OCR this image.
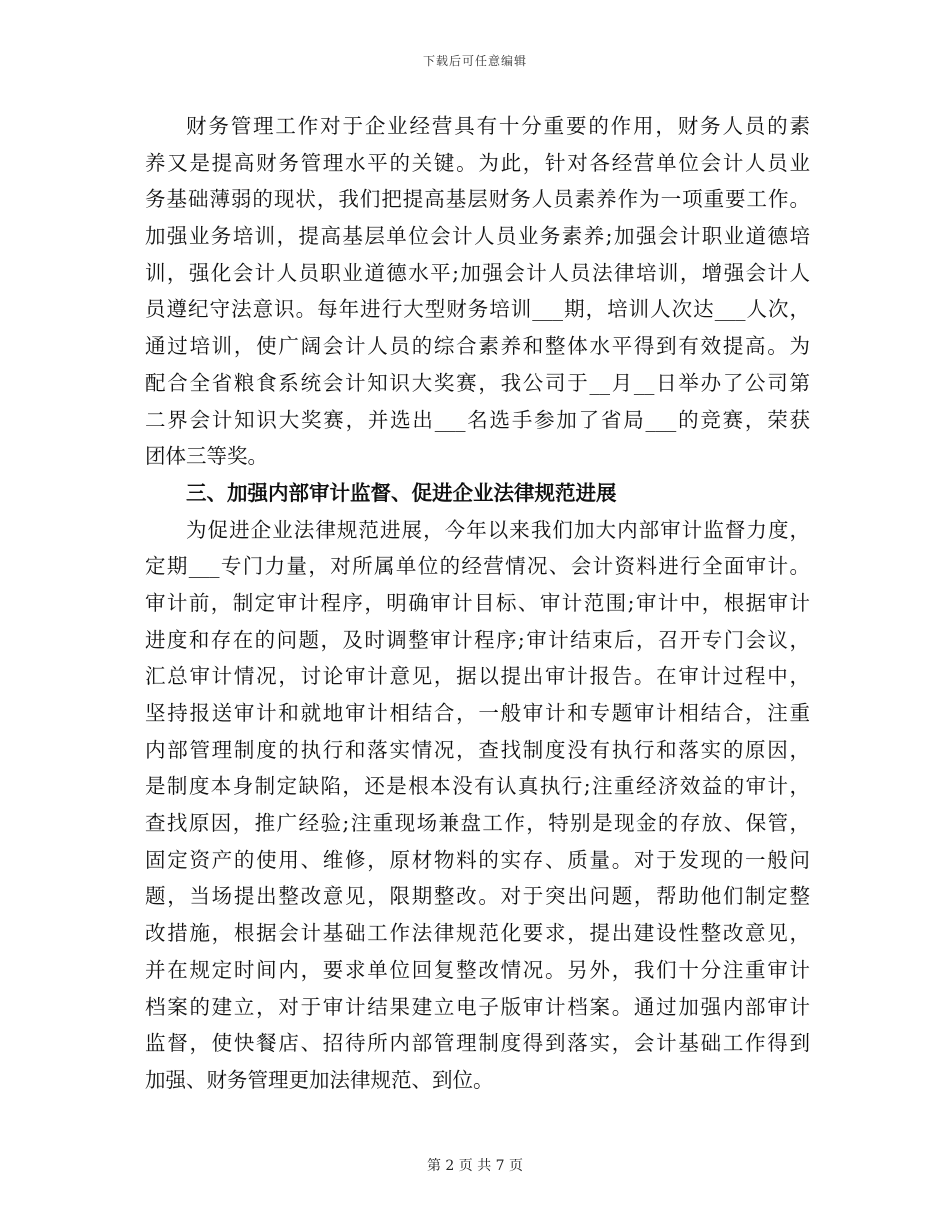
下载后可任意编辑
财务管理工作对于企业经营具有十分重要的作用，财务人员的素
养又是提高财务管理水平的关键。为此，针对各经营单位会计人员业
务基础薄弱的现状，我们把提高基层财务人员素养作为一项重要工作。
加强业务培训，提高基层单位会计人员业务素养;加强会计职业道德培
训，强化会计人员职业道德水平;加强会计人员法律培训，增强会计人
员遵纪守法意识。每年进行大型财务培训___期，培训人次达___人次，
通过培训，使广阔会计人员的综合素养和整体水平得到有效提高。为
配合全省粮食系统会计知识大奖赛，我公司于__月__日举办了公司第
二界会计知识大奖赛，并选出___名选手参加了省局___的竞赛，荣获
团体三等奖。
三、加强内部审计监督、促进企业法律规范进展
为促进企业法律规范进展，今年以来我们加大内部审计监督力度，
定期___专门力量，对所属单位的经营情况、会计资料进行全面审计。
审计前，制定审计程序，明确审计目标、审计范围;审计中，根据审计
进度和存在的问题，及时调整审计程序;审计结束后，召开专门会议，
汇总审计情况，讨论审计意见，据以提出审计报告。在审计过程中，
坚持报送审计和就地审计相结合，一般审计和专题审计相结合，注重
内部管理制度的执行和落实情况，查找制度没有执行和落实的原因，
是制度本身制定缺陷，还是根本没有认真执行;注重经济效益的审计，
查找原因，推广经验;注重现场兼盘工作，特别是现金的存放、保管，
固定资产的使用、维修，原材物料的实存、质量。对于发现的一般问
题，当场提出整改意见，限期整改。对于突出问题，帮助他们制定整
改措施，根据会计基础工作法律规范化要求，提出建设性整改意见，
并在规定时间内，要求单位回复整改情况。另外，我们十分注重审计
档案的建立，对于审计结果建立电子版审计档案。通过加强内部审计
监督，使快餐店、招待所内部管理制度得到落实，会计基础工作得到
加强、财务管理更加法律规范、到位。
第 2 页 共 7 页
